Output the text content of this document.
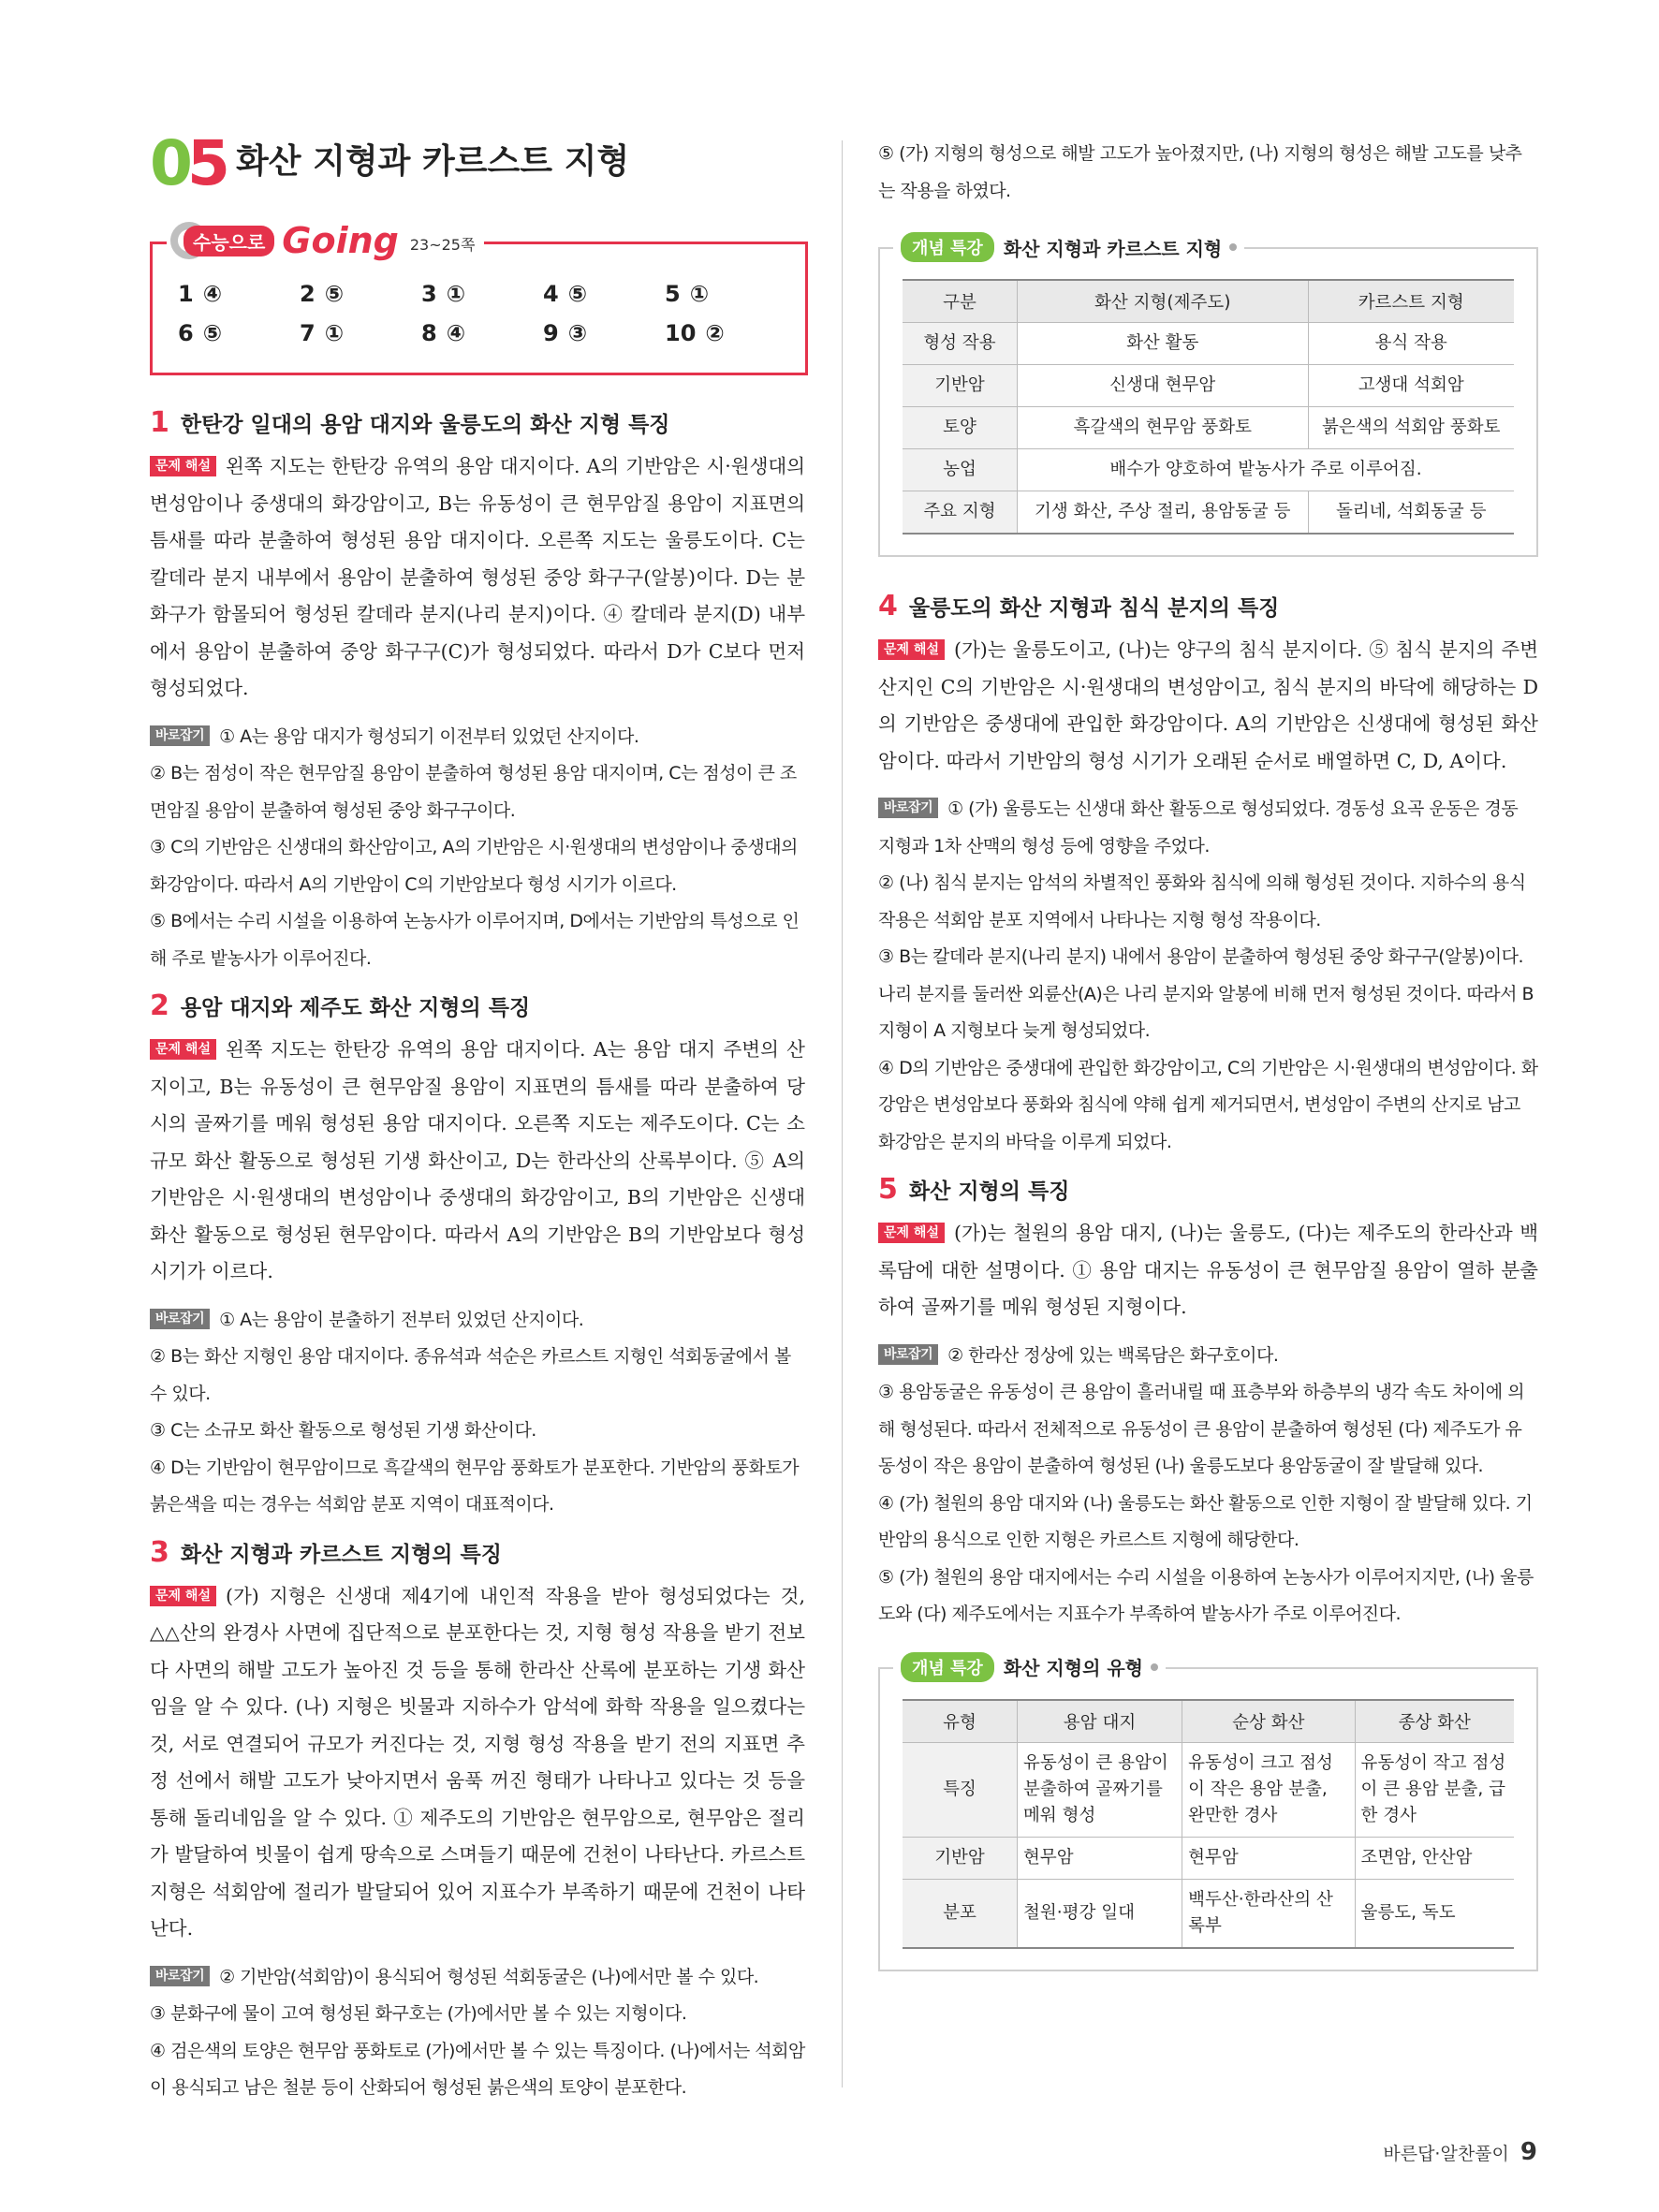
05 화산 지형과 카르스트 지형
수능으로 Going 23~25쪽
1 ④	2 ⑤	3 ①	4 ⑤	5 ①
6 ⑤	7 ①	8 ④	9 ③	10 ②
1 한탄강 일대의 용암 대지와 울릉도의 화산 지형 특징

문제 해설 왼쪽 지도는 한탄강 유역의 용암 대지이다. A의 기반암은 시·원생대의 변성암이나 중생대의 화강암이고, B는 유동성이 큰 현무암질 용암이 지표면의 틈새를 따라 분출하여 형성된 용암 대지이다. 오른쪽 지도는 울릉도이다. C는 칼데라 분지 내부에서 용암이 분출하여 형성된 중앙 화구구(알봉)이다. D는 분화구가 함몰되어 형성된 칼데라 분지(나리 분지)이다. ④ 칼데라 분지(D) 내부에서 용암이 분출하여 중앙 화구구(C)가 형성되었다. 따라서 D가 C보다 먼저 형성되었다.

바로잡기 ① A는 용암 대지가 형성되기 이전부터 있었던 산지이다.

② B는 점성이 작은 현무암질 용암이 분출하여 형성된 용암 대지이며, C는 점성이 큰 조면암질 용암이 분출하여 형성된 중앙 화구구이다.

③ C의 기반암은 신생대의 화산암이고, A의 기반암은 시·원생대의 변성암이나 중생대의 화강암이다. 따라서 A의 기반암이 C의 기반암보다 형성 시기가 이르다.

⑤ B에서는 수리 시설을 이용하여 논농사가 이루어지며, D에서는 기반암의 특성으로 인해 주로 밭농사가 이루어진다.

2 용암 대지와 제주도 화산 지형의 특징

문제 해설 왼쪽 지도는 한탄강 유역의 용암 대지이다. A는 용암 대지 주변의 산지이고, B는 유동성이 큰 현무암질 용암이 지표면의 틈새를 따라 분출하여 당시의 골짜기를 메워 형성된 용암 대지이다. 오른쪽 지도는 제주도이다. C는 소규모 화산 활동으로 형성된 기생 화산이고, D는 한라산의 산록부이다. ⑤ A의 기반암은 시·원생대의 변성암이나 중생대의 화강암이고, B의 기반암은 신생대 화산 활동으로 형성된 현무암이다. 따라서 A의 기반암은 B의 기반암보다 형성 시기가 이르다.

바로잡기 ① A는 용암이 분출하기 전부터 있었던 산지이다.

② B는 화산 지형인 용암 대지이다. 종유석과 석순은 카르스트 지형인 석회동굴에서 볼 수 있다.

③ C는 소규모 화산 활동으로 형성된 기생 화산이다.

④ D는 기반암이 현무암이므로 흑갈색의 현무암 풍화토가 분포한다. 기반암의 풍화토가 붉은색을 띠는 경우는 석회암 분포 지역이 대표적이다.

3 화산 지형과 카르스트 지형의 특징

문제 해설 (가) 지형은 신생대 제4기에 내인적 작용을 받아 형성되었다는 것, △△산의 완경사 사면에 집단적으로 분포한다는 것, 지형 형성 작용을 받기 전보다 사면의 해발 고도가 높아진 것 등을 통해 한라산 산록에 분포하는 기생 화산임을 알 수 있다. (나) 지형은 빗물과 지하수가 암석에 화학 작용을 일으켰다는 것, 서로 연결되어 규모가 커진다는 것, 지형 형성 작용을 받기 전의 지표면 추정 선에서 해발 고도가 낮아지면서 움푹 꺼진 형태가 나타나고 있다는 것 등을 통해 돌리네임을 알 수 있다. ① 제주도의 기반암은 현무암으로, 현무암은 절리가 발달하여 빗물이 쉽게 땅속으로 스며들기 때문에 건천이 나타난다. 카르스트 지형은 석회암에 절리가 발달되어 있어 지표수가 부족하기 때문에 건천이 나타난다.

바로잡기 ② 기반암(석회암)이 용식되어 형성된 석회동굴은 (나)에서만 볼 수 있다.

③ 분화구에 물이 고여 형성된 화구호는 (가)에서만 볼 수 있는 지형이다.

④ 검은색의 토양은 현무암 풍화토로 (가)에서만 볼 수 있는 특징이다. (나)에서는 석회암이 용식되고 남은 철분 등이 산화되어 형성된 붉은색의 토양이 분포한다.

⑤ (가) 지형의 형성으로 해발 고도가 높아졌지만, (나) 지형의 형성은 해발 고도를 낮추는 작용을 하였다.

개념 특강	화산 지형과 카르스트 지형
구분	화산 지형(제주도)	카르스트 지형
형성 작용	화산 활동	용식 작용
기반암	신생대 현무암	고생대 석회암
토양	흑갈색의 현무암 풍화토	붉은색의 석회암 풍화토
농업	배수가 양호하여 밭농사가 주로 이루어짐.	
주요 지형	기생 화산, 주상 절리, 용암동굴 등	돌리네, 석회동굴 등
4 울릉도의 화산 지형과 침식 분지의 특징

문제 해설 (가)는 울릉도이고, (나)는 양구의 침식 분지이다. ⑤ 침식 분지의 주변 산지인 C의 기반암은 시·원생대의 변성암이고, 침식 분지의 바닥에 해당하는 D의 기반암은 중생대에 관입한 화강암이다. A의 기반암은 신생대에 형성된 화산암이다. 따라서 기반암의 형성 시기가 오래된 순서로 배열하면 C, D, A이다.

바로잡기 ① (가) 울릉도는 신생대 화산 활동으로 형성되었다. 경동성 요곡 운동은 경동 지형과 1차 산맥의 형성 등에 영향을 주었다.

② (나) 침식 분지는 암석의 차별적인 풍화와 침식에 의해 형성된 것이다. 지하수의 용식 작용은 석회암 분포 지역에서 나타나는 지형 형성 작용이다.

③ B는 칼데라 분지(나리 분지) 내에서 용암이 분출하여 형성된 중앙 화구구(알봉)이다. 나리 분지를 둘러싼 외륜산(A)은 나리 분지와 알봉에 비해 먼저 형성된 것이다. 따라서 B 지형이 A 지형보다 늦게 형성되었다.

④ D의 기반암은 중생대에 관입한 화강암이고, C의 기반암은 시·원생대의 변성암이다. 화강암은 변성암보다 풍화와 침식에 약해 쉽게 제거되면서, 변성암이 주변의 산지로 남고 화강암은 분지의 바닥을 이루게 되었다.

5 화산 지형의 특징

문제 해설 (가)는 철원의 용암 대지, (나)는 울릉도, (다)는 제주도의 한라산과 백록담에 대한 설명이다. ① 용암 대지는 유동성이 큰 현무암질 용암이 열하 분출하여 골짜기를 메워 형성된 지형이다.

바로잡기 ② 한라산 정상에 있는 백록담은 화구호이다.

③ 용암동굴은 유동성이 큰 용암이 흘러내릴 때 표층부와 하층부의 냉각 속도 차이에 의해 형성된다. 따라서 전체적으로 유동성이 큰 용암이 분출하여 형성된 (다) 제주도가 유동성이 작은 용암이 분출하여 형성된 (나) 울릉도보다 용암동굴이 잘 발달해 있다.

④ (가) 철원의 용암 대지와 (나) 울릉도는 화산 활동으로 인한 지형이 잘 발달해 있다. 기반암의 용식으로 인한 지형은 카르스트 지형에 해당한다.

⑤ (가) 철원의 용암 대지에서는 수리 시설을 이용하여 논농사가 이루어지지만, (나) 울릉도와 (다) 제주도에서는 지표수가 부족하여 밭농사가 주로 이루어진다.

개념 특강	화산 지형의 유형
유형	용암 대지	순상 화산	종상 화산
특징	유동성이 큰 용암이 분출하여 골짜기를 메워 형성	유동성이 크고 점성이 작은 용암 분출, 완만한 경사	유동성이 작고 점성이 큰 용암 분출, 급한 경사
기반암	현무암	현무암	조면암, 안산암
분포	철원·평강 일대	백두산·한라산의 산록부	울릉도, 독도
바른답·알찬풀이 9
